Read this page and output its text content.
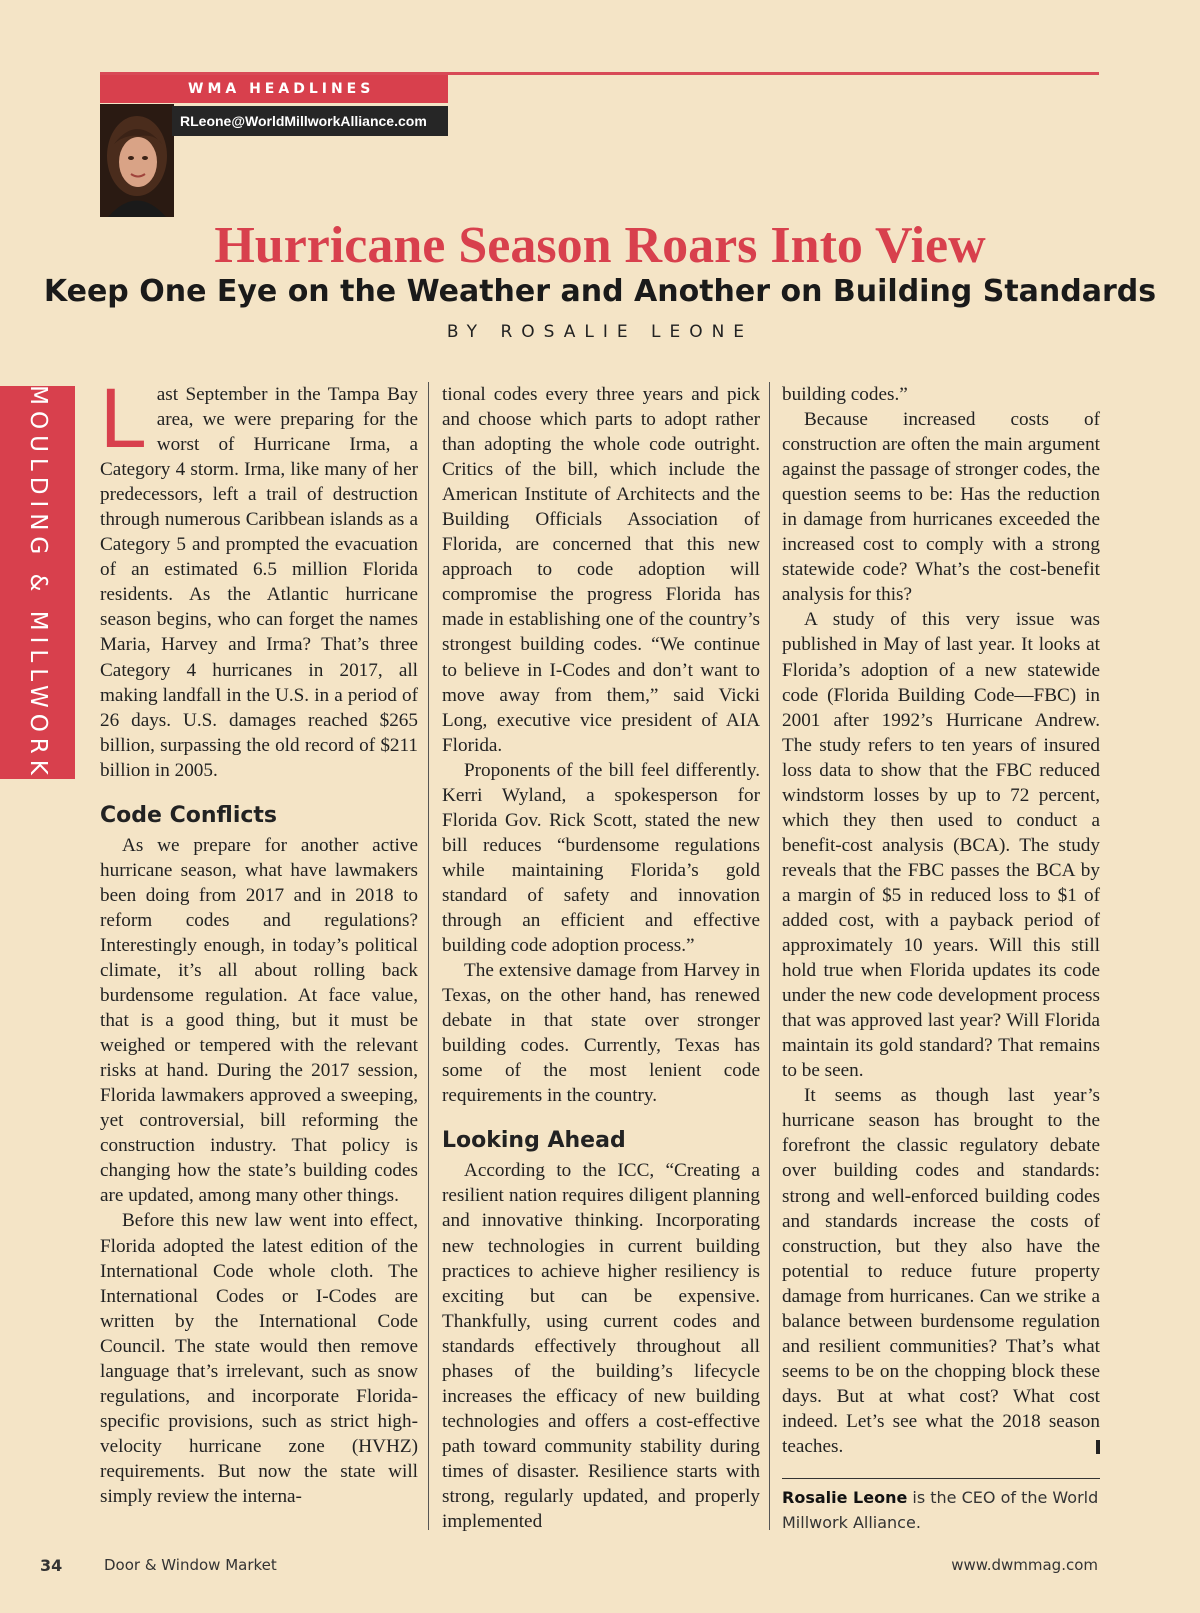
WMA HEADLINES
RLeone@WorldMillworkAlliance.com
MOULDING & MILLWORK
Hurricane Season Roars Into View
Keep One Eye on the Weather and Another on Building Standards
BY ROSALIE LEONE

Last September in the Tampa Bay area, we were preparing for the worst of Hurricane Irma, a Category 4 storm. Irma, like many of her predecessors, left a trail of destruction through numerous Caribbean islands as a Category 5 and prompted the evacuation of an estimated 6.5 million Florida residents. As the Atlantic hurricane season begins, who can forget the names Maria, Harvey and Irma? That’s three Category 4 hurricanes in 2017, all making landfall in the U.S. in a period of 26 days. U.S. damages reached $265 billion, surpassing the old record of $211 billion in 2005.

Code Conflicts

As we prepare for another active hurricane season, what have lawmakers been doing from 2017 and in 2018 to reform codes and regulations? Interestingly enough, in today’s political climate, it’s all about rolling back burdensome regulation. At face value, that is a good thing, but it must be weighed or tempered with the relevant risks at hand. During the 2017 session, Florida lawmakers approved a sweeping, yet controversial, bill reforming the construction industry. That policy is changing how the state’s building codes are updated, among many other things.

Before this new law went into effect, Florida adopted the latest edition of the International Code whole cloth. The International Codes or I-Codes are written by the International Code Council. The state would then remove language that’s irrelevant, such as snow regulations, and incorporate Florida-specific provisions, such as strict high-velocity hurricane zone (HVHZ) requirements. But now the state will simply review the interna-

tional codes every three years and pick and choose which parts to adopt rather than adopting the whole code outright. Critics of the bill, which include the American Institute of Architects and the Building Officials Association of Florida, are concerned that this new approach to code adoption will compromise the progress Florida has made in establishing one of the country’s strongest building codes. “We continue to believe in I-Codes and don’t want to move away from them,” said Vicki Long, executive vice president of AIA Florida.

Proponents of the bill feel differently. Kerri Wyland, a spokesperson for Florida Gov. Rick Scott, stated the new bill reduces “burdensome regulations while maintaining Florida’s gold standard of safety and innovation through an efficient and effective building code adoption process.”

The extensive damage from Harvey in Texas, on the other hand, has renewed debate in that state over stronger building codes. Currently, Texas has some of the most lenient code requirements in the country.

Looking Ahead

According to the ICC, “Creating a resilient nation requires diligent planning and innovative thinking. Incorporating new technologies in current building practices to achieve higher resiliency is exciting but can be expensive. Thankfully, using current codes and standards effectively throughout all phases of the building’s lifecycle increases the efficacy of new building technologies and offers a cost-effective path toward community stability during times of disaster. Resilience starts with strong, regularly updated, and properly implemented

building codes.”

Because increased costs of construction are often the main argument against the passage of stronger codes, the question seems to be: Has the reduction in damage from hurricanes exceeded the increased cost to comply with a strong statewide code? What’s the cost-benefit analysis for this?

A study of this very issue was published in May of last year. It looks at Florida’s adoption of a new statewide code (Florida Building Code—FBC) in 2001 after 1992’s Hurricane Andrew. The study refers to ten years of insured loss data to show that the FBC reduced windstorm losses by up to 72 percent, which they then used to conduct a benefit-cost analysis (BCA). The study reveals that the FBC passes the BCA by a margin of $5 in reduced loss to $1 of added cost, with a payback period of approximately 10 years. Will this still hold true when Florida updates its code under the new code development process that was approved last year? Will Florida maintain its gold standard? That remains to be seen.

It seems as though last year’s hurricane season has brought to the forefront the classic regulatory debate over building codes and standards: strong and well-enforced building codes and standards increase the costs of construction, but they also have the potential to reduce future property damage from hurricanes. Can we strike a balance between burdensome regulation and resilient communities? That’s what seems to be on the chopping block these days. But at what cost? What cost indeed. Let’s see what the 2018 season teaches.

Rosalie Leone is the CEO of the World Millwork Alliance.
34	Door & Window Market	www.dwmmag.com
